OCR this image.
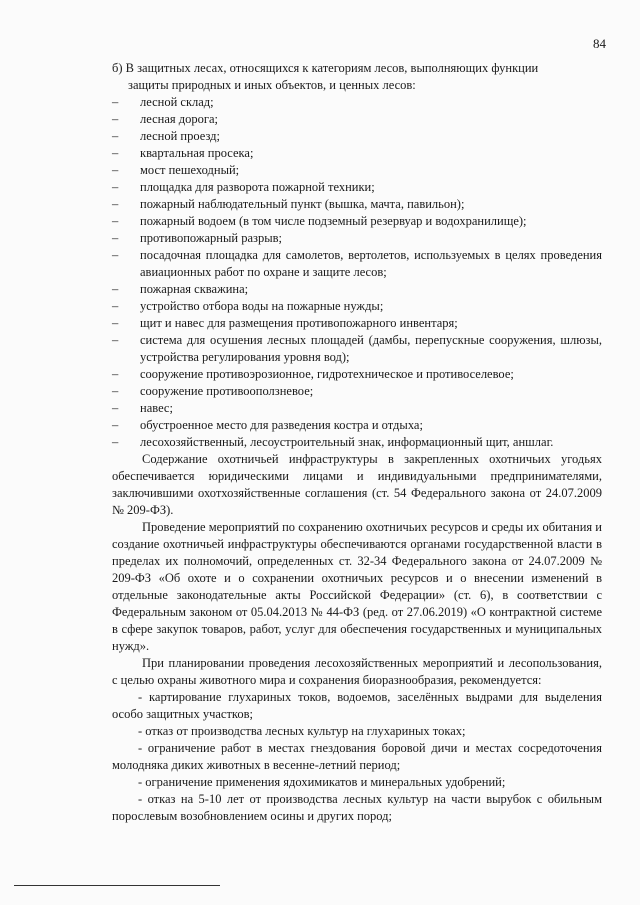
84

б) В защитных лесах, относящихся к категориям лесов, выполняющих функции
защиты природных и иных объектов, и ценных лесов:

– лесной склад;
– лесная дорога;
– лесной проезд;
– квартальная просека;
– мост пешеходный;
– площадка для разворота пожарной техники;
– пожарный наблюдательный пункт (вышка, мачта, павильон);
– пожарный водоем (в том числе подземный резервуар и водохранилище);
– противопожарный разрыв;
– посадочная площадка для самолетов, вертолетов, используемых в целях проведения авиационных работ по охране и защите лесов;
– пожарная скважина;
– устройство отбора воды на пожарные нужды;
– щит и навес для размещения противопожарного инвентаря;
– система для осушения лесных площадей (дамбы, перепускные сооружения, шлюзы, устройства регулирования уровня вод);
– сооружение противоэрозионное, гидротехническое и противоселевое;
– сооружение противооползневое;
– навес;
– обустроенное место для разведения костра и отдыха;
– лесохозяйственный, лесоустроительный знак, информационный щит, аншлаг.

Содержание охотничьей инфраструктуры в закрепленных охотничьих угодьях обеспечивается юридическими лицами и индивидуальными предпринимателями, заключившими охотхозяйственные соглашения (ст. 54 Федерального закона от 24.07.2009 № 209-ФЗ).

Проведение мероприятий по сохранению охотничьих ресурсов и среды их обитания и создание охотничьей инфраструктуры обеспечиваются органами государственной власти в пределах их полномочий, определенных ст. 32-34 Федерального закона от 24.07.2009 № 209-ФЗ «Об охоте и о сохранении охотничьих ресурсов и о внесении изменений в отдельные законодательные акты Российской Федерации» (ст. 6), в соответствии с Федеральным законом от 05.04.2013 № 44-ФЗ (ред. от 27.06.2019) «О контрактной системе в сфере закупок товаров, работ, услуг для обеспечения государственных и муниципальных нужд».

При планировании проведения лесохозяйственных мероприятий и лесопользования, с целью охраны животного мира и сохранения биоразнообразия, рекомендуется:

- картирование глухариных токов, водоемов, заселённых выдрами для выделения особо защитных участков;

- отказ от производства лесных культур на глухариных токах;

- ограничение работ в местах гнездования боровой дичи и местах сосредоточения молодняка диких животных в весенне-летний период;

- ограничение применения ядохимикатов и минеральных удобрений;

- отказ на 5-10 лет от производства лесных культур на части вырубок с обильным порослевым возобновлением осины и других пород;
